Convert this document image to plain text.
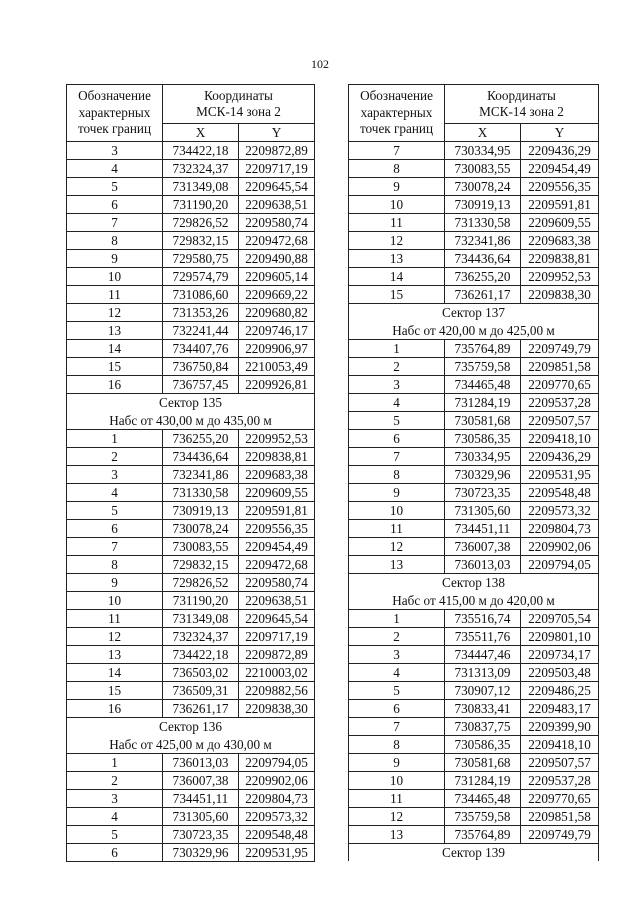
102
Обозначение
характерных
точек границ	Координаты
МСК-14 зона 2	
	X	Y
3	734422,18	2209872,89
4	732324,37	2209717,19
5	731349,08	2209645,54
6	731190,20	2209638,51
7	729826,52	2209580,74
8	729832,15	2209472,68
9	729580,75	2209490,88
10	729574,79	2209605,14
11	731086,60	2209669,22
12	731353,26	2209680,82
13	732241,44	2209746,17
14	734407,76	2209906,97
15	736750,84	2210053,49
16	736757,45	2209926,81
Сектор 135
Набс от 430,00 м до 435,00 м		
1	736255,20	2209952,53
2	734436,64	2209838,81
3	732341,86	2209683,38
4	731330,58	2209609,55
5	730919,13	2209591,81
6	730078,24	2209556,35
7	730083,55	2209454,49
8	729832,15	2209472,68
9	729826,52	2209580,74
10	731190,20	2209638,51
11	731349,08	2209645,54
12	732324,37	2209717,19
13	734422,18	2209872,89
14	736503,02	2210003,02
15	736509,31	2209882,56
16	736261,17	2209838,30
Сектор 136
Набс от 425,00 м до 430,00 м		
1	736013,03	2209794,05
2	736007,38	2209902,06
3	734451,11	2209804,73
4	731305,60	2209573,32
5	730723,35	2209548,48
6	730329,96	2209531,95
Обозначение
характерных
точек границ	Координаты
МСК-14 зона 2	
	X	Y
7	730334,95	2209436,29
8	730083,55	2209454,49
9	730078,24	2209556,35
10	730919,13	2209591,81
11	731330,58	2209609,55
12	732341,86	2209683,38
13	734436,64	2209838,81
14	736255,20	2209952,53
15	736261,17	2209838,30
Сектор 137
Набс от 420,00 м до 425,00 м		
1	735764,89	2209749,79
2	735759,58	2209851,58
3	734465,48	2209770,65
4	731284,19	2209537,28
5	730581,68	2209507,57
6	730586,35	2209418,10
7	730334,95	2209436,29
8	730329,96	2209531,95
9	730723,35	2209548,48
10	731305,60	2209573,32
11	734451,11	2209804,73
12	736007,38	2209902,06
13	736013,03	2209794,05
Сектор 138
Набс от 415,00 м до 420,00 м		
1	735516,74	2209705,54
2	735511,76	2209801,10
3	734447,46	2209734,17
4	731313,09	2209503,48
5	730907,12	2209486,25
6	730833,41	2209483,17
7	730837,75	2209399,90
8	730586,35	2209418,10
9	730581,68	2209507,57
10	731284,19	2209537,28
11	734465,48	2209770,65
12	735759,58	2209851,58
13	735764,89	2209749,79
Сектор 139		
